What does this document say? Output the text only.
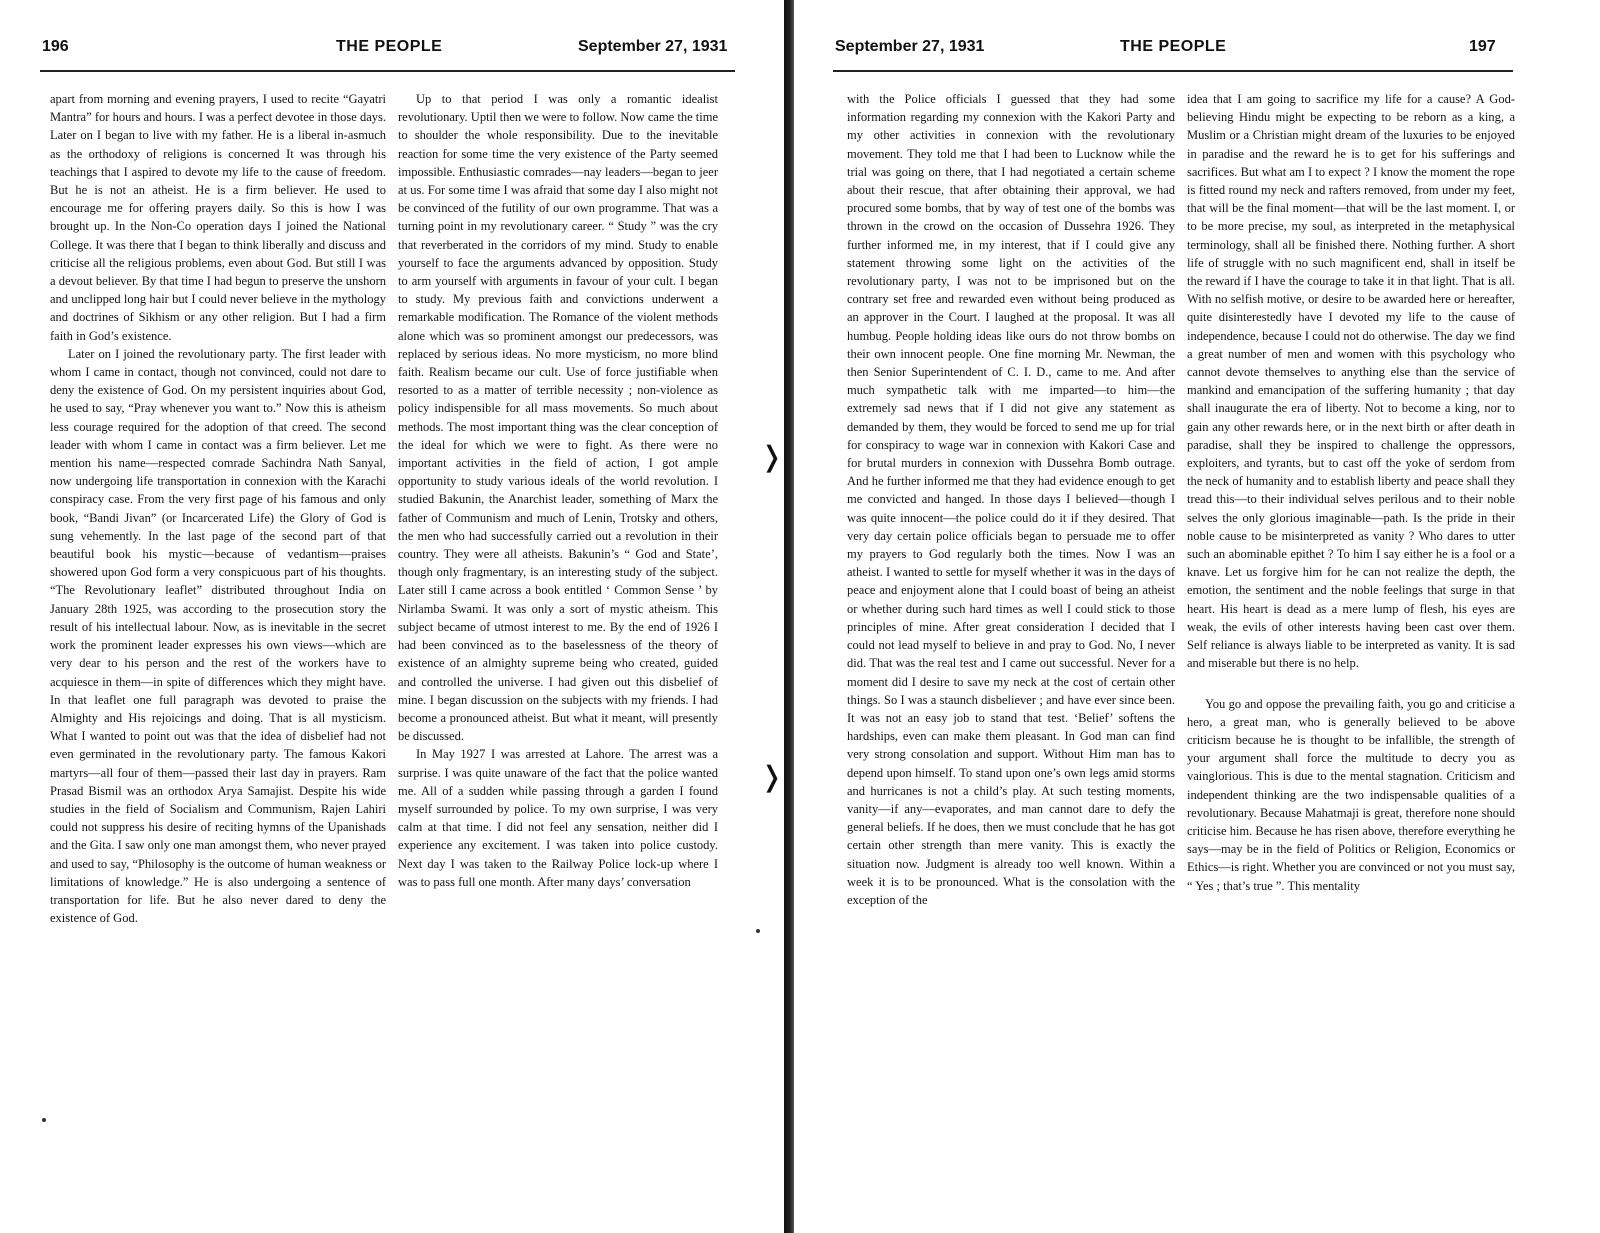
196	THE PEOPLE	September 27, 1931

apart from morning and evening prayers, I used to recite “Gayatri Mantra” for hours and hours. I was a perfect devotee in those days. Later on I began to live with my father. He is a liberal in-asmuch as the orthodoxy of religions is concerned It was through his teachings that I aspired to devote my life to the cause of freedom. But he is not an atheist. He is a firm believer. He used to encourage me for offering prayers daily. So this is how I was brought up. In the Non-Co operation days I joined the National College. It was there that I began to think liberally and discuss and criticise all the religious problems, even about God. But still I was a devout believer. By that time I had begun to preserve the unshorn and unclipped long hair but I could never believe in the mythology and doctrines of Sikhism or any other religion. But I had a firm faith in God’s existence.

Later on I joined the revolutionary party. The first leader with whom I came in contact, though not convinced, could not dare to deny the existence of God. On my persistent inquiries about God, he used to say, “Pray whenever you want to.” Now this is atheism less courage required for the adoption of that creed. The second leader with whom I came in contact was a firm believer. Let me mention his name—respected comrade Sachindra Nath Sanyal, now undergoing life transportation in connexion with the Karachi conspiracy case. From the very first page of his famous and only book, “Bandi Jivan” (or Incarcerated Life) the Glory of God is sung vehemently. In the last page of the second part of that beautiful book his mystic—because of vedantism—praises showered upon God form a very conspicuous part of his thoughts. “The Revolutionary leaflet” distributed throughout India on January 28th 1925, was according to the prosecution story the result of his intellectual labour. Now, as is inevitable in the secret work the prominent leader expresses his own views—which are very dear to his person and the rest of the workers have to acquiesce in them—in spite of differences which they might have. In that leaflet one full paragraph was devoted to praise the Almighty and His rejoicings and doing. That is all mysticism. What I wanted to point out was that the idea of disbelief had not even germinated in the revolutionary party. The famous Kakori martyrs—all four of them—passed their last day in prayers. Ram Prasad Bismil was an orthodox Arya Samajist. Despite his wide studies in the field of Socialism and Communism, Rajen Lahiri could not suppress his desire of reciting hymns of the Upanishads and the Gita. I saw only one man amongst them, who never prayed and used to say, “Philosophy is the outcome of human weakness or limitations of knowledge.” He is also undergoing a sentence of transportation for life. But he also never dared to deny the existence of God.

Up to that period I was only a romantic idealist revolutionary. Uptil then we were to follow. Now came the time to shoulder the whole responsibility. Due to the inevitable reaction for some time the very existence of the Party seemed impossible. Enthusiastic comrades—nay leaders—began to jeer at us. For some time I was afraid that some day I also might not be convinced of the futility of our own programme. That was a turning point in my revolutionary career. “ Study ” was the cry that reverberated in the corridors of my mind. Study to enable yourself to face the arguments advanced by opposition. Study to arm yourself with arguments in favour of your cult. I began to study. My previous faith and convictions underwent a remarkable modification. The Romance of the violent methods alone which was so prominent amongst our predecessors, was replaced by serious ideas. No more mysticism, no more blind faith. Realism became our cult. Use of force justifiable when resorted to as a matter of terrible necessity ; non-violence as policy indispensible for all mass movements. So much about methods. The most important thing was the clear conception of the ideal for which we were to fight. As there were no important activities in the field of action, I got ample opportunity to study various ideals of the world revolution. I studied Bakunin, the Anarchist leader, something of Marx the father of Communism and much of Lenin, Trotsky and others, the men who had successfully carried out a revolution in their country. They were all atheists. Bakunin’s “ God and State’, though only fragmentary, is an interesting study of the subject. Later still I came across a book entitled ‘ Common Sense ’ by Nirlamba Swami. It was only a sort of mystic atheism. This subject became of utmost interest to me. By the end of 1926 I had been convinced as to the baselessness of the theory of existence of an almighty supreme being who created, guided and controlled the universe. I had given out this disbelief of mine. I began discussion on the subjects with my friends. I had become a pronounced atheist. But what it meant, will presently be discussed.

In May 1927 I was arrested at Lahore. The arrest was a surprise. I was quite unaware of the fact that the police wanted me. All of a sudden while passing through a garden I found myself surrounded by police. To my own surprise, I was very calm at that time. I did not feel any sensation, neither did I experience any excitement. I was taken into police custody. Next day I was taken to the Railway Police lock-up where I was to pass full one month. After many days’ conversation

❭
❭
September 27, 1931	THE PEOPLE	197

with the Police officials I guessed that they had some information regarding my connexion with the Kakori Party and my other activities in connexion with the revolutionary movement. They told me that I had been to Lucknow while the trial was going on there, that I had negotiated a certain scheme about their rescue, that after obtaining their approval, we had procured some bombs, that by way of test one of the bombs was thrown in the crowd on the occasion of Dussehra 1926. They further informed me, in my interest, that if I could give any statement throwing some light on the activities of the revolutionary party, I was not to be imprisoned but on the contrary set free and rewarded even without being produced as an approver in the Court. I laughed at the proposal. It was all humbug. People holding ideas like ours do not throw bombs on their own innocent people. One fine morning Mr. Newman, the then Senior Superintendent of C. I. D., came to me. And after much sympathetic talk with me imparted—to him—the extremely sad news that if I did not give any statement as demanded by them, they would be forced to send me up for trial for conspiracy to wage war in connexion with Kakori Case and for brutal murders in connexion with Dussehra Bomb outrage. And he further informed me that they had evidence enough to get me convicted and hanged. In those days I believed—though I was quite innocent—the police could do it if they desired. That very day certain police officials began to persuade me to offer my prayers to God regularly both the times. Now I was an atheist. I wanted to settle for myself whether it was in the days of peace and enjoyment alone that I could boast of being an atheist or whether during such hard times as well I could stick to those principles of mine. After great consideration I decided that I could not lead myself to believe in and pray to God. No, I never did. That was the real test and I came out successful. Never for a moment did I desire to save my neck at the cost of certain other things. So I was a staunch disbeliever ; and have ever since been. It was not an easy job to stand that test. ‘Belief’ softens the hardships, even can make them pleasant. In God man can find very strong consolation and support. Without Him man has to depend upon himself. To stand upon one’s own legs amid storms and hurricanes is not a child’s play. At such testing moments, vanity—if any—evaporates, and man cannot dare to defy the general beliefs. If he does, then we must conclude that he has got certain other strength than mere vanity. This is exactly the situation now. Judgment is already too well known. Within a week it is to be pronounced. What is the consolation with the exception of the

idea that I am going to sacrifice my life for a cause? A God-believing Hindu might be expecting to be reborn as a king, a Muslim or a Christian might dream of the luxuries to be enjoyed in paradise and the reward he is to get for his sufferings and sacrifices. But what am I to expect ? I know the moment the rope is fitted round my neck and rafters removed, from under my feet, that will be the final moment—that will be the last moment. I, or to be more precise, my soul, as interpreted in the metaphysical terminology, shall all be finished there. Nothing further. A short life of struggle with no such magnificent end, shall in itself be the reward if I have the courage to take it in that light. That is all. With no selfish motive, or desire to be awarded here or hereafter, quite disinterestedly have I devoted my life to the cause of independence, because I could not do otherwise. The day we find a great number of men and women with this psychology who cannot devote themselves to anything else than the service of mankind and emancipation of the suffering humanity ; that day shall inaugurate the era of liberty. Not to become a king, nor to gain any other rewards here, or in the next birth or after death in paradise, shall they be inspired to challenge the oppressors, exploiters, and tyrants, but to cast off the yoke of serdom from the neck of humanity and to establish liberty and peace shall they tread this—to their individual selves perilous and to their noble selves the only glorious imaginable—path. Is the pride in their noble cause to be misinterpreted as vanity ? Who dares to utter such an abominable epithet ? To him I say either he is a fool or a knave. Let us forgive him for he can not realize the depth, the emotion, the sentiment and the noble feelings that surge in that heart. His heart is dead as a mere lump of flesh, his eyes are weak, the evils of other interests having been cast over them. Self reliance is always liable to be interpreted as vanity. It is sad and miserable but there is no help.

You go and oppose the prevailing faith, you go and criticise a hero, a great man, who is generally believed to be above criticism because he is thought to be infallible, the strength of your argument shall force the multitude to decry you as vainglorious. This is due to the mental stagnation. Criticism and independent thinking are the two indispensable qualities of a revolutionary. Because Mahatmaji is great, therefore none should criticise him. Because he has risen above, therefore everything he says—may be in the field of Politics or Religion, Economics or Ethics—is right. Whether you are convinced or not you must say, “ Yes ; that’s true ”. This mentality
